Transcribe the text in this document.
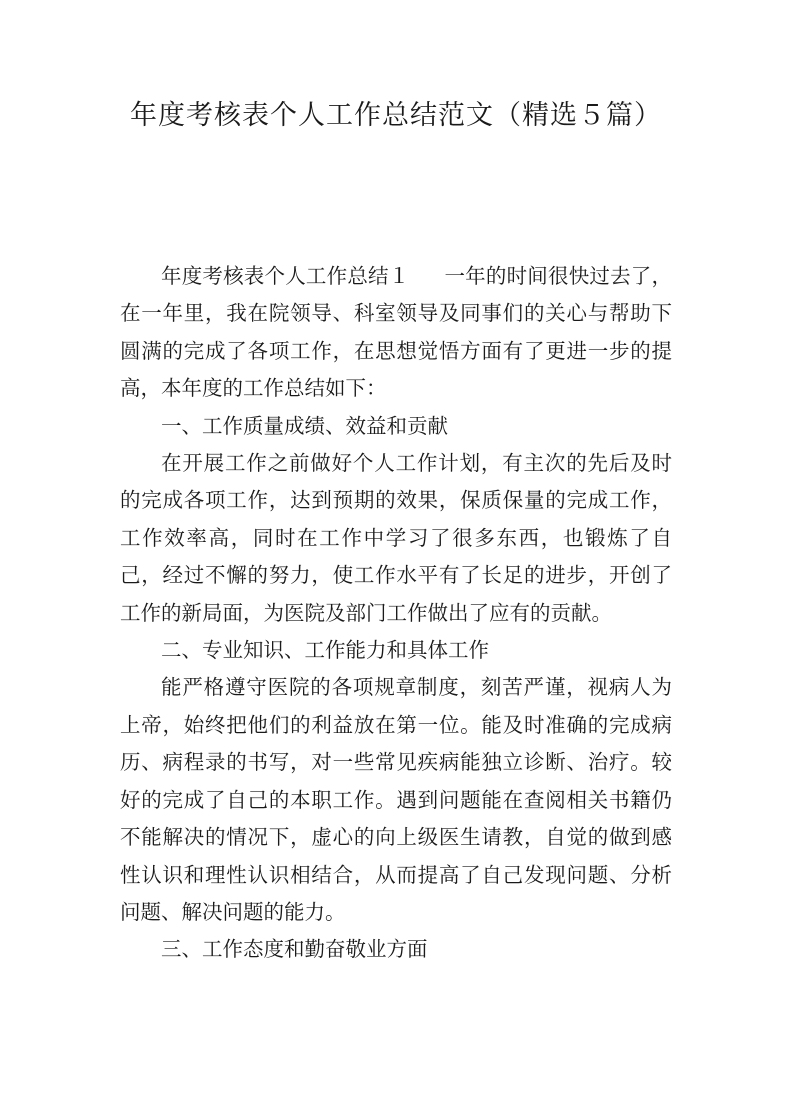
年度考核表个人工作总结范文（精选５篇）

年度考核表个人工作总结１ 一年的时间很快过去了，在一年里，我在院领导、科室领导及同事们的关心与帮助下圆满的完成了各项工作，在思想觉悟方面有了更进一步的提高，本年度的工作总结如下：

一、工作质量成绩、效益和贡献

在开展工作之前做好个人工作计划，有主次的先后及时的完成各项工作，达到预期的效果，保质保量的完成工作，工作效率高，同时在工作中学习了很多东西，也锻炼了自己，经过不懈的努力，使工作水平有了长足的进步，开创了工作的新局面，为医院及部门工作做出了应有的贡献。

二、专业知识、工作能力和具体工作

能严格遵守医院的各项规章制度，刻苦严谨，视病人为上帝，始终把他们的利益放在第一位。能及时准确的完成病历、病程录的书写，对一些常见疾病能独立诊断、治疗。较好的完成了自己的本职工作。遇到问题能在查阅相关书籍仍不能解决的情况下，虚心的向上级医生请教，自觉的做到感性认识和理性认识相结合，从而提高了自己发现问题、分析问题、解决问题的能力。

三、工作态度和勤奋敬业方面
